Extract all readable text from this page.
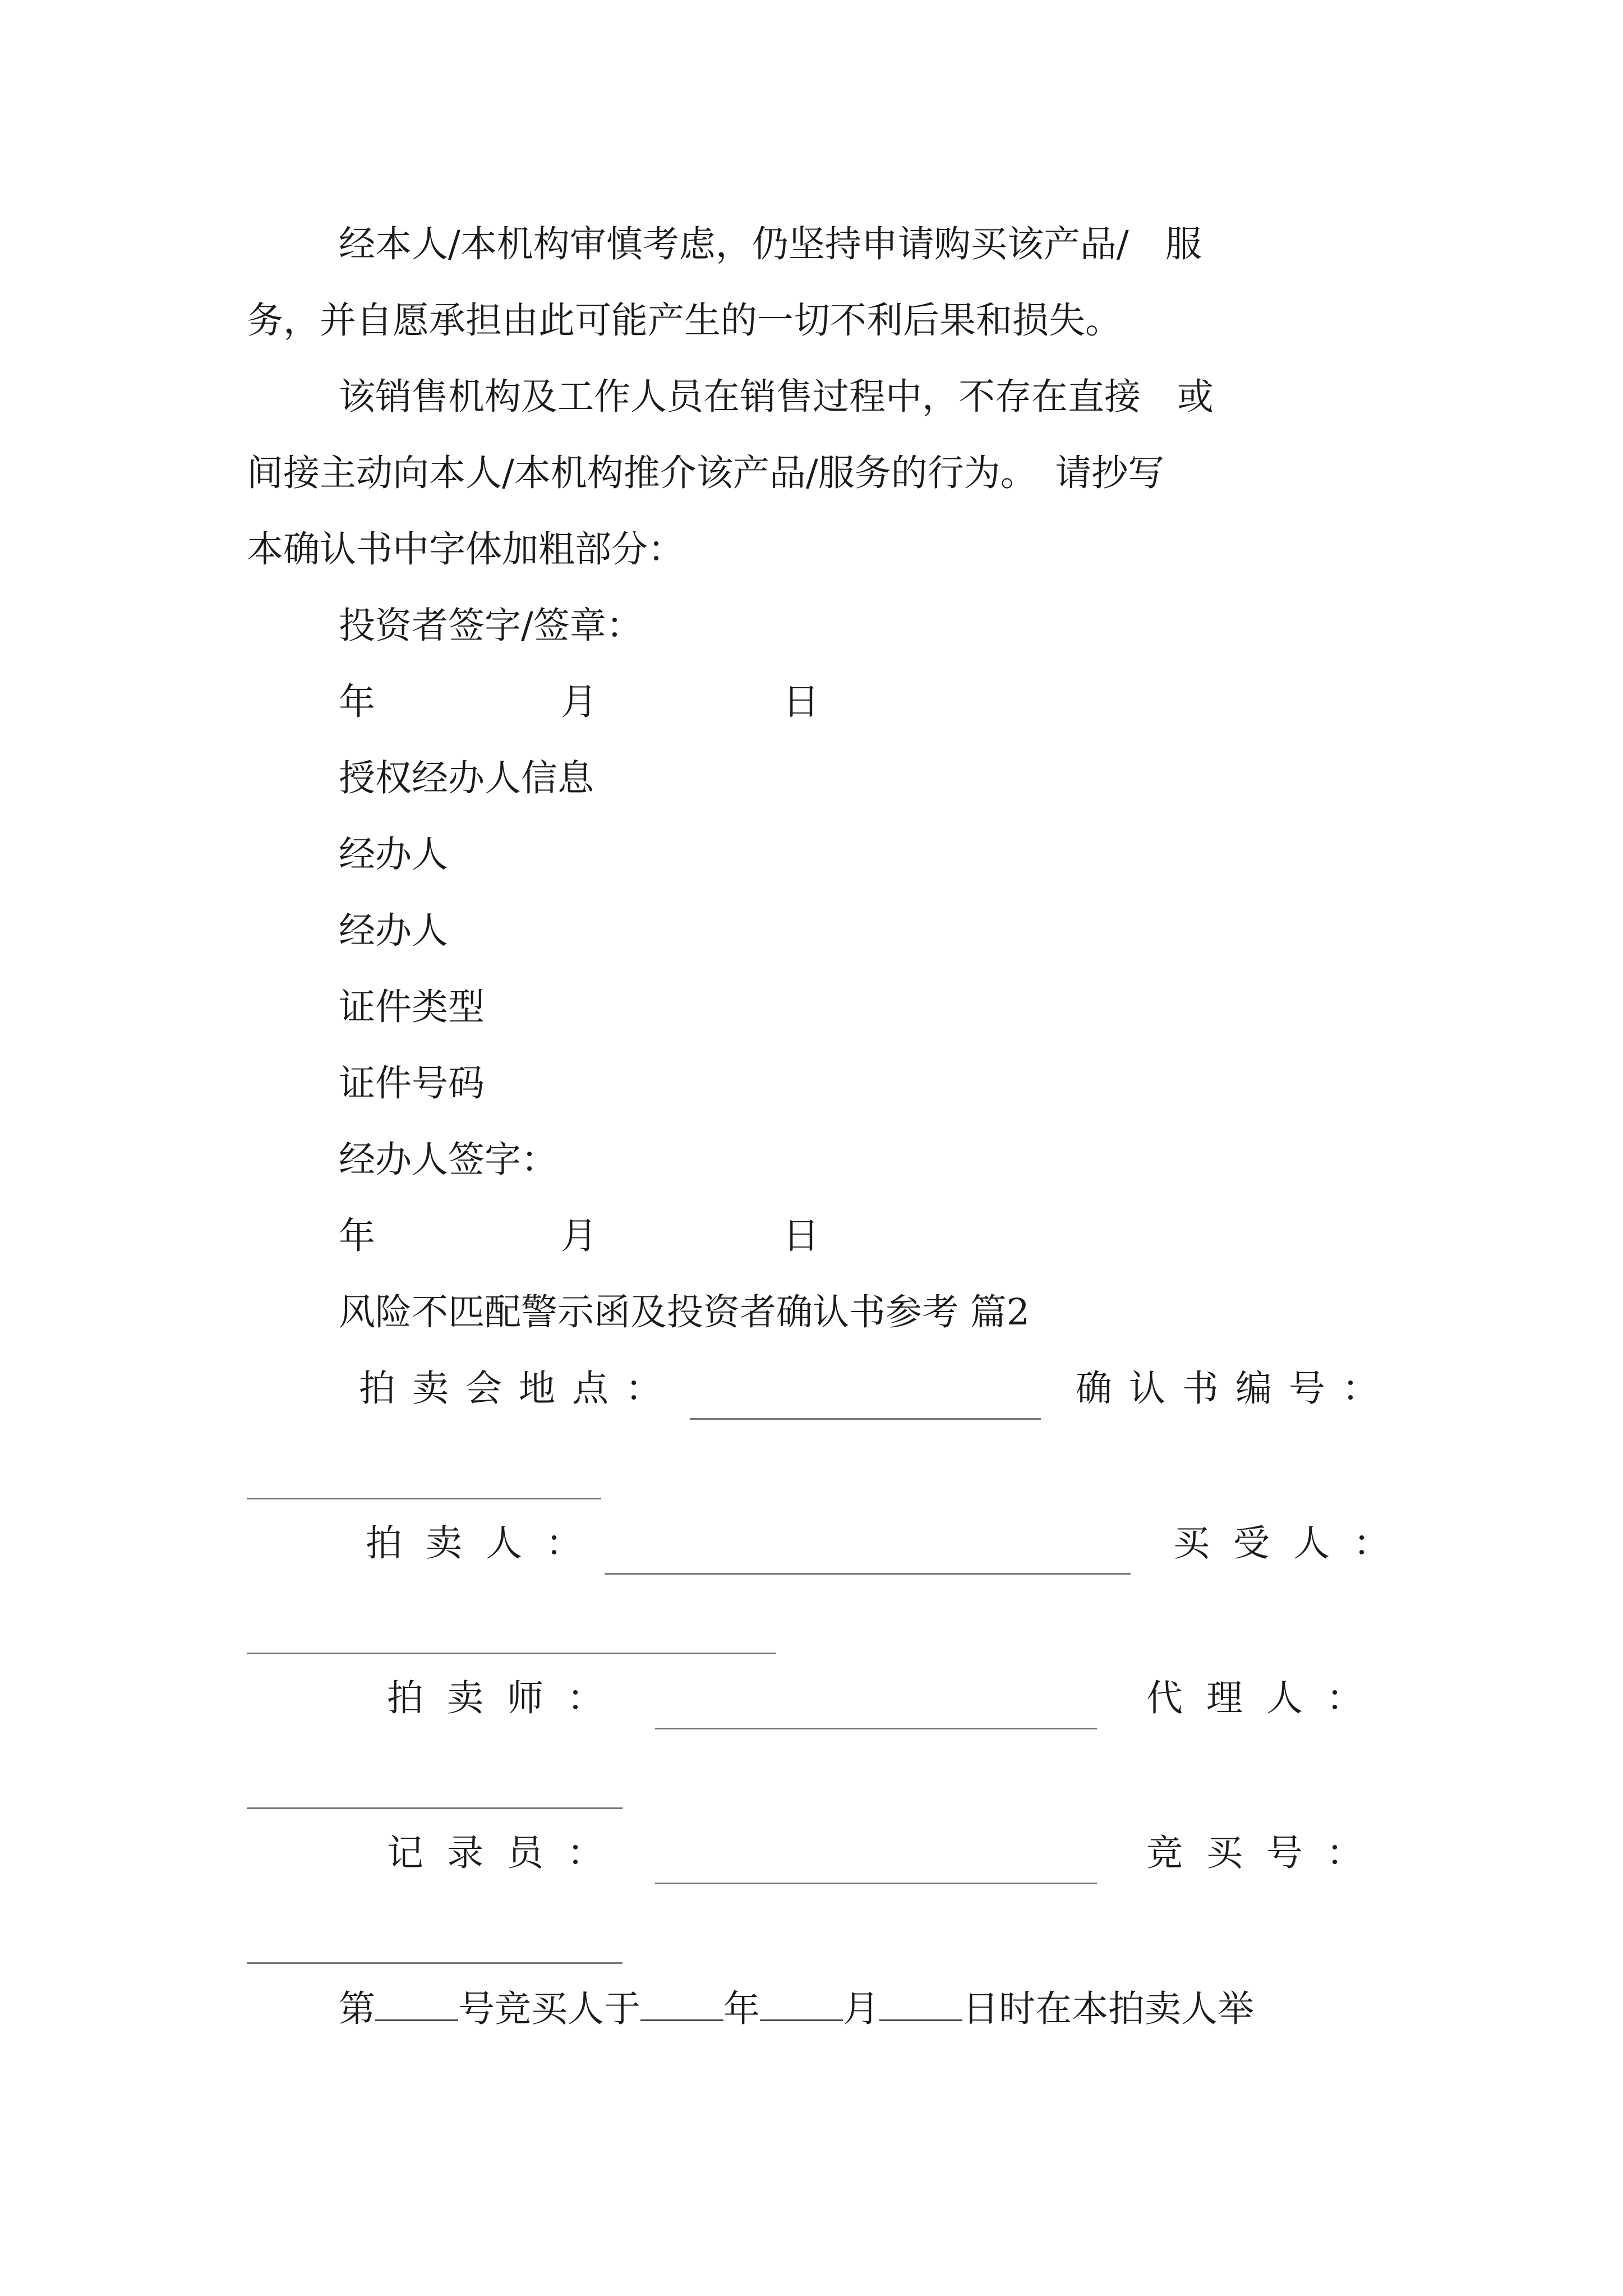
经本人/本机构审慎考虑，仍坚持申请购买该产品/　服
务，并自愿承担由此可能产生的一切不利后果和损失。
该销售机构及工作人员在销售过程中，不存在直接　或
间接主动向本人/本机构推介该产品/服务的行为。　请抄写
本确认书中字体加粗部分：
投资者签字/签章：
年	月	日
授权经办人信息
经办人
经办人
证件类型
证件号码
经办人签字：
年	月	日
风险不匹配警示函及投资者确认书参考 篇2
拍卖会地点：	确认书编号：
拍卖人：	买受人：
拍卖师：	代理人：
记录员：	竞买号：
第 号竞买人于 年 月 日时在本拍卖人举
